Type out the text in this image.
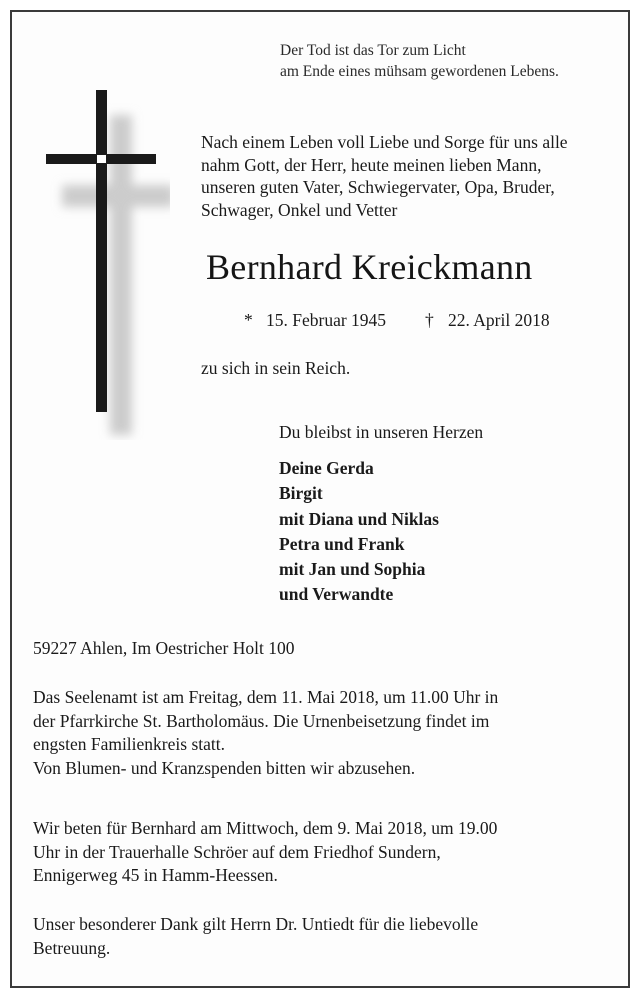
Der Tod ist das Tor zum Licht
am Ende eines mühsam gewordenen Lebens.

Nach einem Leben voll Liebe und Sorge für uns alle

nahm Gott, der Herr, heute meinen lieben Mann,

unseren guten Vater, Schwiegervater, Opa, Bruder,

Schwager, Onkel und Vetter

Bernhard Kreickmann
* 15. Februar 1945 † 22. April 2018
zu sich in sein Reich.
Du bleibst in unseren Herzen
Deine Gerda
Birgit
mit Diana und Niklas
Petra und Frank
mit Jan und Sophia
und Verwandte
59227 Ahlen, Im Oestricher Holt 100

Das Seelenamt ist am Freitag, dem 11. Mai 2018, um 11.00 Uhr in

der Pfarrkirche St. Bartholomäus. Die Urnenbeisetzung findet im

engsten Familienkreis statt.

Von Blumen- und Kranzspenden bitten wir abzusehen.

Wir beten für Bernhard am Mittwoch, dem 9. Mai 2018, um 19.00

Uhr in der Trauerhalle Schröer auf dem Friedhof Sundern,

Ennigerweg 45 in Hamm-Heessen.

Unser besonderer Dank gilt Herrn Dr. Untiedt für die liebevolle

Betreuung.
